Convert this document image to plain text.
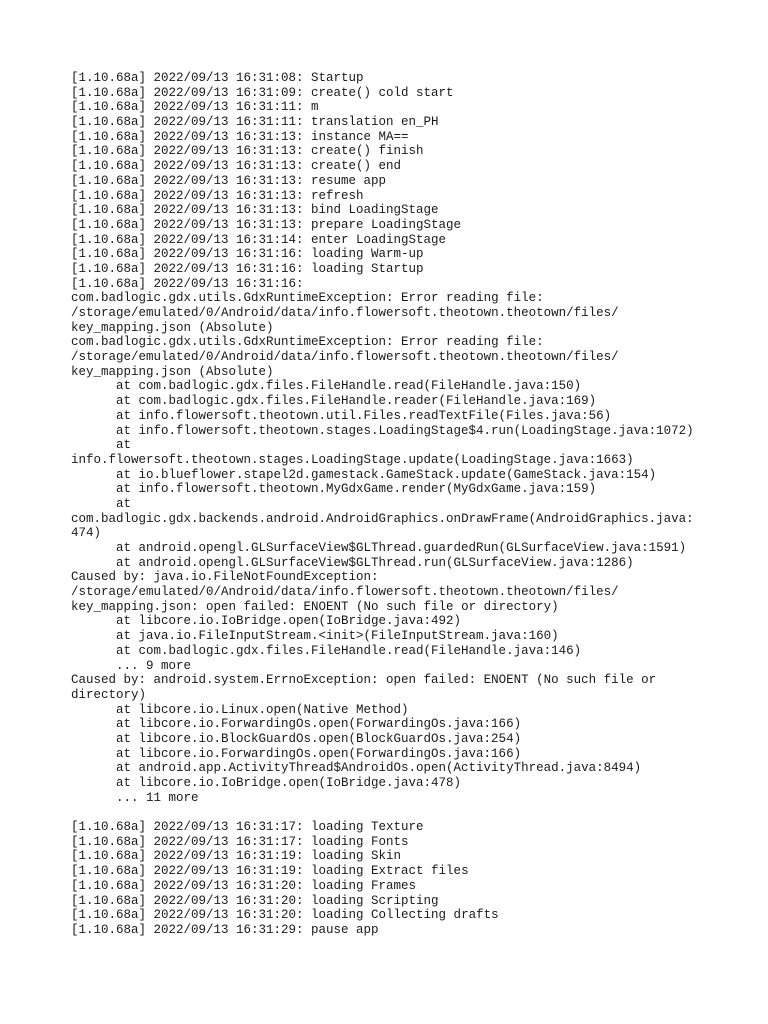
[1.10.68a] 2022/09/13 16:31:08: Startup
[1.10.68a] 2022/09/13 16:31:09: create() cold start
[1.10.68a] 2022/09/13 16:31:11: m
[1.10.68a] 2022/09/13 16:31:11: translation en_PH
[1.10.68a] 2022/09/13 16:31:13: instance MA==
[1.10.68a] 2022/09/13 16:31:13: create() finish
[1.10.68a] 2022/09/13 16:31:13: create() end
[1.10.68a] 2022/09/13 16:31:13: resume app
[1.10.68a] 2022/09/13 16:31:13: refresh
[1.10.68a] 2022/09/13 16:31:13: bind LoadingStage
[1.10.68a] 2022/09/13 16:31:13: prepare LoadingStage
[1.10.68a] 2022/09/13 16:31:14: enter LoadingStage
[1.10.68a] 2022/09/13 16:31:16: loading Warm-up
[1.10.68a] 2022/09/13 16:31:16: loading Startup
[1.10.68a] 2022/09/13 16:31:16:
com.badlogic.gdx.utils.GdxRuntimeException: Error reading file:
/storage/emulated/0/Android/data/info.flowersoft.theotown.theotown/files/
key_mapping.json (Absolute)
com.badlogic.gdx.utils.GdxRuntimeException: Error reading file:
/storage/emulated/0/Android/data/info.flowersoft.theotown.theotown/files/
key_mapping.json (Absolute)
at com.badlogic.gdx.files.FileHandle.read(FileHandle.java:150)
at com.badlogic.gdx.files.FileHandle.reader(FileHandle.java:169)
at info.flowersoft.theotown.util.Files.readTextFile(Files.java:56)
at info.flowersoft.theotown.stages.LoadingStage$4.run(LoadingStage.java:1072)
at
info.flowersoft.theotown.stages.LoadingStage.update(LoadingStage.java:1663)
at io.blueflower.stapel2d.gamestack.GameStack.update(GameStack.java:154)
at info.flowersoft.theotown.MyGdxGame.render(MyGdxGame.java:159)
at
com.badlogic.gdx.backends.android.AndroidGraphics.onDrawFrame(AndroidGraphics.java:
474)
at android.opengl.GLSurfaceView$GLThread.guardedRun(GLSurfaceView.java:1591)
at android.opengl.GLSurfaceView$GLThread.run(GLSurfaceView.java:1286)
Caused by: java.io.FileNotFoundException:
/storage/emulated/0/Android/data/info.flowersoft.theotown.theotown/files/
key_mapping.json: open failed: ENOENT (No such file or directory)
at libcore.io.IoBridge.open(IoBridge.java:492)
at java.io.FileInputStream.<init>(FileInputStream.java:160)
at com.badlogic.gdx.files.FileHandle.read(FileHandle.java:146)
... 9 more
Caused by: android.system.ErrnoException: open failed: ENOENT (No such file or
directory)
at libcore.io.Linux.open(Native Method)
at libcore.io.ForwardingOs.open(ForwardingOs.java:166)
at libcore.io.BlockGuardOs.open(BlockGuardOs.java:254)
at libcore.io.ForwardingOs.open(ForwardingOs.java:166)
at android.app.ActivityThread$AndroidOs.open(ActivityThread.java:8494)
at libcore.io.IoBridge.open(IoBridge.java:478)
... 11 more
[1.10.68a] 2022/09/13 16:31:17: loading Texture
[1.10.68a] 2022/09/13 16:31:17: loading Fonts
[1.10.68a] 2022/09/13 16:31:19: loading Skin
[1.10.68a] 2022/09/13 16:31:19: loading Extract files
[1.10.68a] 2022/09/13 16:31:20: loading Frames
[1.10.68a] 2022/09/13 16:31:20: loading Scripting
[1.10.68a] 2022/09/13 16:31:20: loading Collecting drafts
[1.10.68a] 2022/09/13 16:31:29: pause app
